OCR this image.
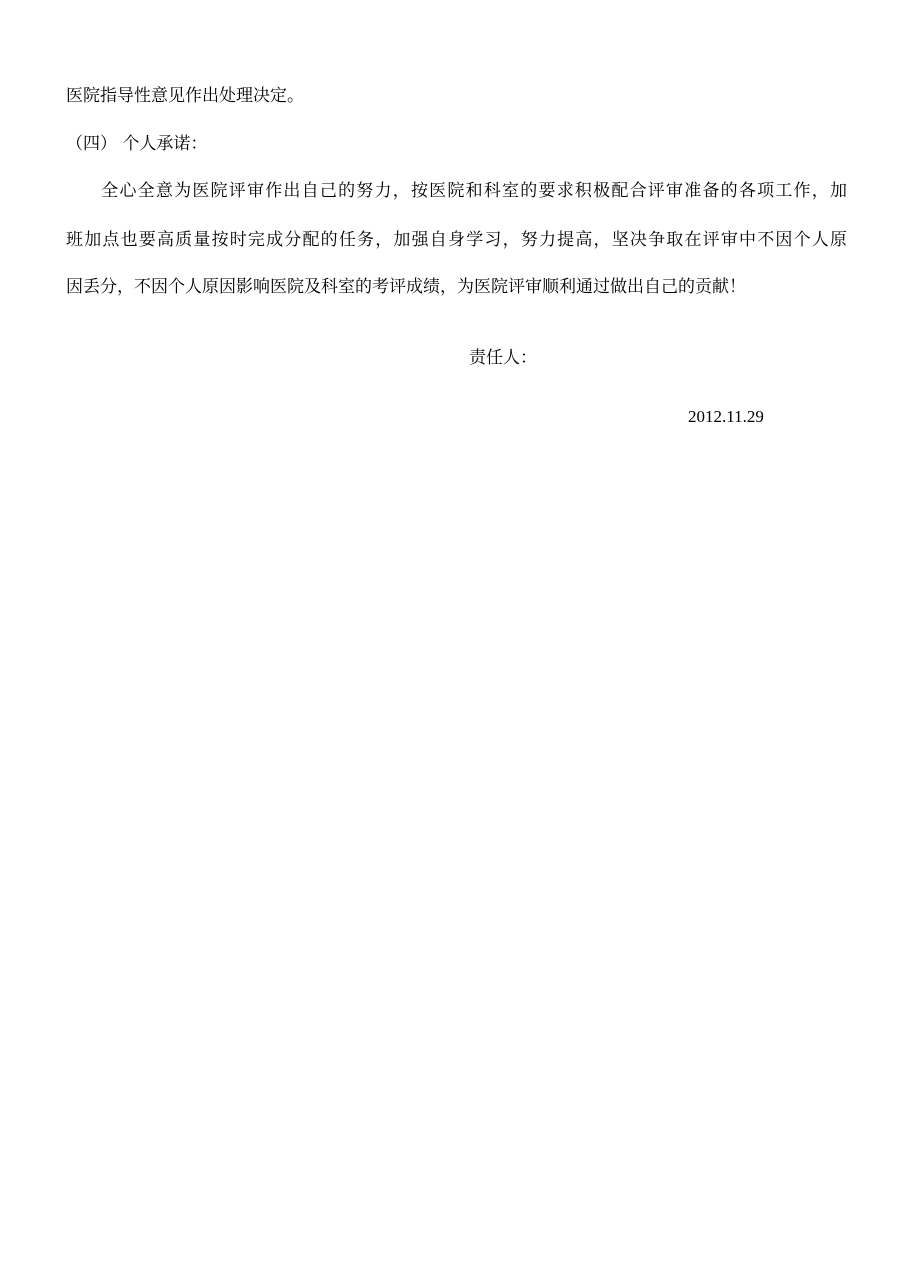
医院指导性意见作出处理决定。
（四） 个人承诺：
全心全意为医院评审作出自己的努力，按医院和科室的要求积极配合评审准备的各项工作，加
班加点也要高质量按时完成分配的任务，加强自身学习，努力提高，坚决争取在评审中不因个人原
因丢分，不因个人原因影响医院及科室的考评成绩，为医院评审顺利通过做出自己的贡献！
责任人：
2012.11.29
